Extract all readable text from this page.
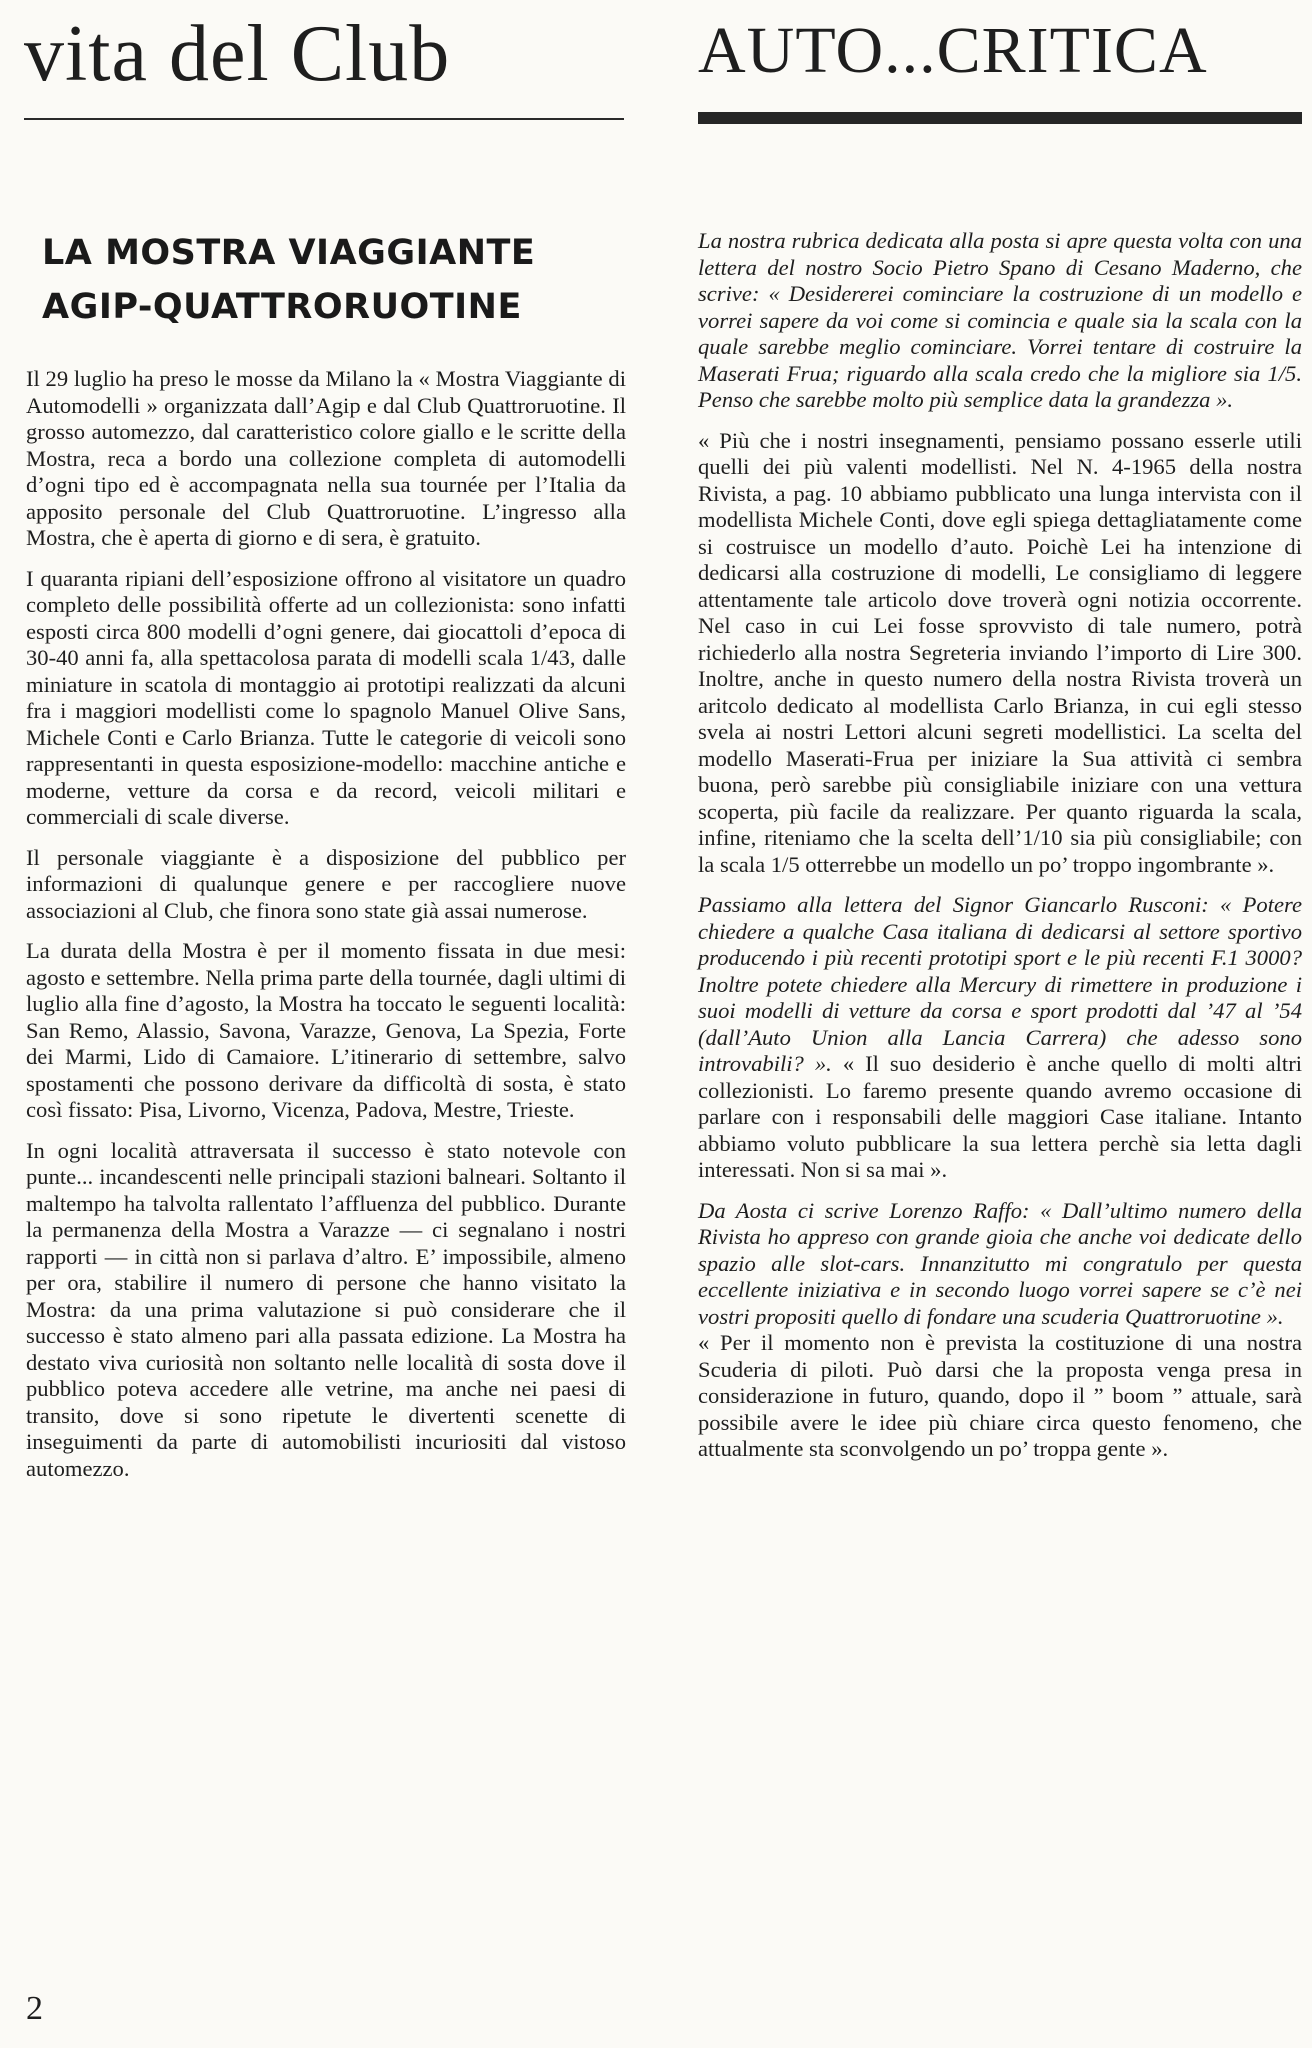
vita del Club	AUTO...CRITICA
LA MOSTRA VIAGGIANTE
AGIP-QUATTRORUOTINE

Il 29 luglio ha preso le mosse da Milano la « Mostra Viaggiante di Automodelli » organizzata dall’Agip e dal Club Quattroruotine. Il grosso automezzo, dal caratteristico colore giallo e le scritte della Mostra, reca a bordo una collezione completa di automodelli d’ogni tipo ed è accompagnata nella sua tournée per l’Italia da apposito personale del Club Quattroruotine. L’ingresso alla Mostra, che è aperta di giorno e di sera, è gratuito.

I quaranta ripiani dell’esposizione offrono al visitatore un quadro completo delle possibilità offerte ad un collezionista: sono infatti esposti circa 800 modelli d’ogni genere, dai giocattoli d’epoca di 30-40 anni fa, alla spettacolosa parata di modelli scala 1/43, dalle miniature in scatola di montaggio ai prototipi realizzati da alcuni fra i maggiori modellisti come lo spagnolo Manuel Olive Sans, Michele Conti e Carlo Brianza. Tutte le categorie di veicoli sono rappresentanti in questa esposizione-modello: macchine antiche e moderne, vetture da corsa e da record, veicoli militari e commerciali di scale diverse.

Il personale viaggiante è a disposizione del pubblico per informazioni di qualunque genere e per raccogliere nuove associazioni al Club, che finora sono state già assai numerose.

La durata della Mostra è per il momento fissata in due mesi: agosto e settembre. Nella prima parte della tournée, dagli ultimi di luglio alla fine d’agosto, la Mostra ha toccato le seguenti località: San Remo, Alassio, Savona, Varazze, Genova, La Spezia, Forte dei Marmi, Lido di Camaiore. L’itinerario di settembre, salvo spostamenti che possono derivare da difficoltà di sosta, è stato così fissato: Pisa, Livorno, Vicenza, Padova, Mestre, Trieste.

In ogni località attraversata il successo è stato notevole con punte... incandescenti nelle principali stazioni balneari. Soltanto il maltempo ha talvolta rallentato l’affluenza del pubblico. Durante la permanenza della Mostra a Varazze — ci segnalano i nostri rapporti — in città non si parlava d’altro. E’ impossibile, almeno per ora, stabilire il numero di persone che hanno visitato la Mostra: da una prima valutazione si può considerare che il successo è stato almeno pari alla passata edizione. La Mostra ha destato viva curiosità non soltanto nelle località di sosta dove il pubblico poteva accedere alle vetrine, ma anche nei paesi di transito, dove si sono ripetute le divertenti scenette di inseguimenti da parte di automobilisti incuriositi dal vistoso automezzo.

La nostra rubrica dedicata alla posta si apre questa volta con una lettera del nostro Socio Pietro Spano di Cesano Maderno, che scrive: « Desidererei cominciare la costruzione di un modello e vorrei sapere da voi come si comincia e quale sia la scala con la quale sarebbe meglio cominciare. Vorrei tentare di costruire la Maserati Frua; riguardo alla scala credo che la migliore sia 1/5. Penso che sarebbe molto più semplice data la grandezza ».

« Più che i nostri insegnamenti, pensiamo possano esserle utili quelli dei più valenti modellisti. Nel N. 4-1965 della nostra Rivista, a pag. 10 abbiamo pubblicato una lunga intervista con il modellista Michele Conti, dove egli spiega dettagliatamente come si costruisce un modello d’auto. Poichè Lei ha intenzione di dedicarsi alla costruzione di modelli, Le consigliamo di leggere attentamente tale articolo dove troverà ogni notizia occorrente. Nel caso in cui Lei fosse sprovvisto di tale numero, potrà richiederlo alla nostra Segreteria inviando l’importo di Lire 300. Inoltre, anche in questo numero della nostra Rivista troverà un aritcolo dedicato al modellista Carlo Brianza, in cui egli stesso svela ai nostri Lettori alcuni segreti modellistici. La scelta del modello Maserati-Frua per iniziare la Sua attività ci sembra buona, però sarebbe più consigliabile iniziare con una vettura scoperta, più facile da realizzare. Per quanto riguarda la scala, infine, riteniamo che la scelta dell’1/10 sia più consigliabile; con la scala 1/5 otterrebbe un modello un po’ troppo ingombrante ».

Passiamo alla lettera del Signor Giancarlo Rusconi: « Potere chiedere a qualche Casa italiana di dedicarsi al settore sportivo producendo i più recenti prototipi sport e le più recenti F.1 3000? Inoltre potete chiedere alla Mercury di rimettere in produzione i suoi modelli di vetture da corsa e sport prodotti dal ’47 al ’54 (dall’Auto Union alla Lancia Carrera) che adesso sono introvabili? ». « Il suo desiderio è anche quello di molti altri collezionisti. Lo faremo presente quando avremo occasione di parlare con i responsabili delle maggiori Case italiane. Intanto abbiamo voluto pubblicare la sua lettera perchè sia letta dagli interessati. Non si sa mai ».

Da Aosta ci scrive Lorenzo Raffo: « Dall’ultimo numero della Rivista ho appreso con grande gioia che anche voi dedicate dello spazio alle slot-cars. Innanzitutto mi congratulo per questa eccellente iniziativa e in secondo luogo vorrei sapere se c’è nei vostri propositi quello di fondare una scuderia Quattroruotine ».

« Per il momento non è prevista la costituzione di una nostra Scuderia di piloti. Può darsi che la proposta venga presa in considerazione in futuro, quando, dopo il ” boom ” attuale, sarà possibile avere le idee più chiare circa questo fenomeno, che attualmente sta sconvolgendo un po’ troppa gente ».

2
